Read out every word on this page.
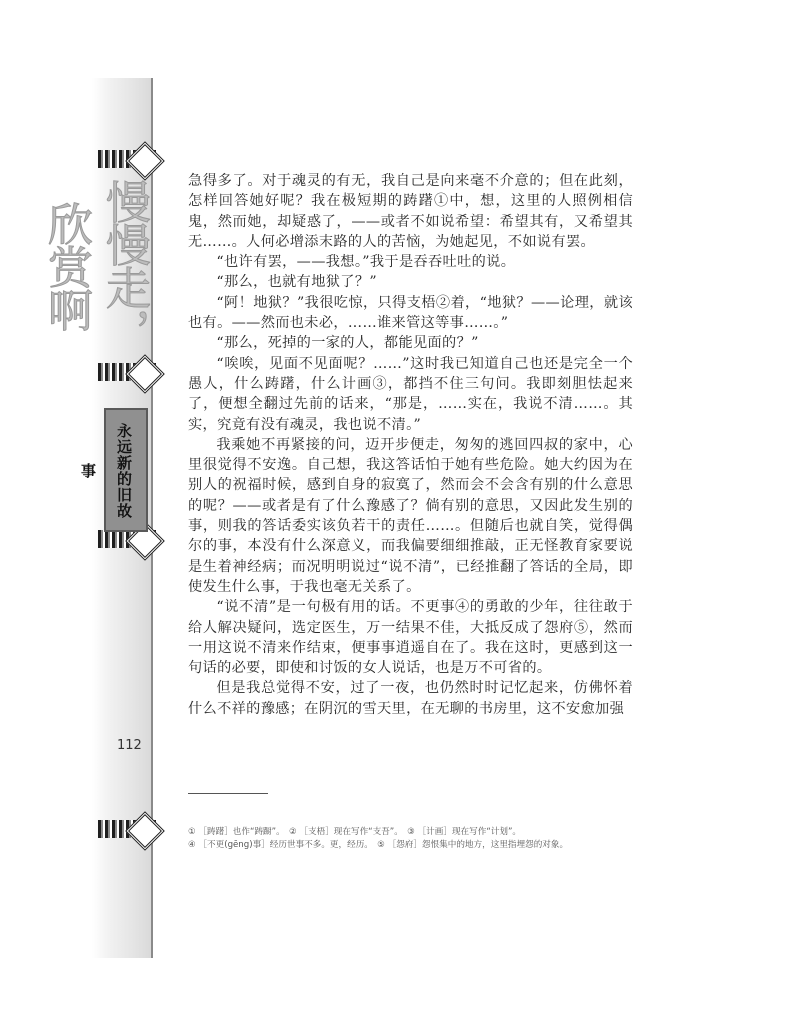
慢慢走，欣赏啊
永远新的旧故事
112

急得多了。对于魂灵的有无，我自己是向来毫不介意的；但在此刻，怎样回答她好呢？我在极短期的踌躇①中，想，这里的人照例相信鬼，然而她，却疑惑了，——或者不如说希望：希望其有，又希望其无……。人何必增添末路的人的苦恼，为她起见，不如说有罢。

“也许有罢，——我想。”我于是吞吞吐吐的说。

“那么，也就有地狱了？”

“阿！地狱？”我很吃惊，只得支梧②着，“地狱？——论理，就该也有。——然而也未必，……谁来管这等事……。”

“那么，死掉的一家的人，都能见面的？”

“唉唉，见面不见面呢？……”这时我已知道自己也还是完全一个愚人，什么踌躇，什么计画③，都挡不住三句问。我即刻胆怯起来了，便想全翻过先前的话来，“那是，……实在，我说不清……。其实，究竟有没有魂灵，我也说不清。”

我乘她不再紧接的问，迈开步便走，匆匆的逃回四叔的家中，心里很觉得不安逸。自己想，我这答话怕于她有些危险。她大约因为在别人的祝福时候，感到自身的寂寞了，然而会不会含有别的什么意思的呢？——或者是有了什么豫感了？倘有别的意思，又因此发生别的事，则我的答话委实该负若干的责任……。但随后也就自笑，觉得偶尔的事，本没有什么深意义，而我偏要细细推敲，正无怪教育家要说是生着神经病；而况明明说过“说不清”，已经推翻了答话的全局，即使发生什么事，于我也毫无关系了。

“说不清”是一句极有用的话。不更事④的勇敢的少年，往往敢于给人解决疑问，选定医生，万一结果不佳，大抵反成了怨府⑤，然而一用这说不清来作结束，便事事逍遥自在了。我在这时，更感到这一句话的必要，即使和讨饭的女人说话，也是万不可省的。

但是我总觉得不安，过了一夜，也仍然时时记忆起来，仿佛怀着什么不祥的豫感；在阴沉的雪天里，在无聊的书房里，这不安愈加强

① ［踌躇］也作“踌蹰”。　② ［支梧］现在写作“支吾”。　③ ［计画］现在写作“计划”。

④ ［不更(gēng)事］经历世事不多。更，经历。　⑤ ［怨府］怨恨集中的地方，这里指埋怨的对象。
